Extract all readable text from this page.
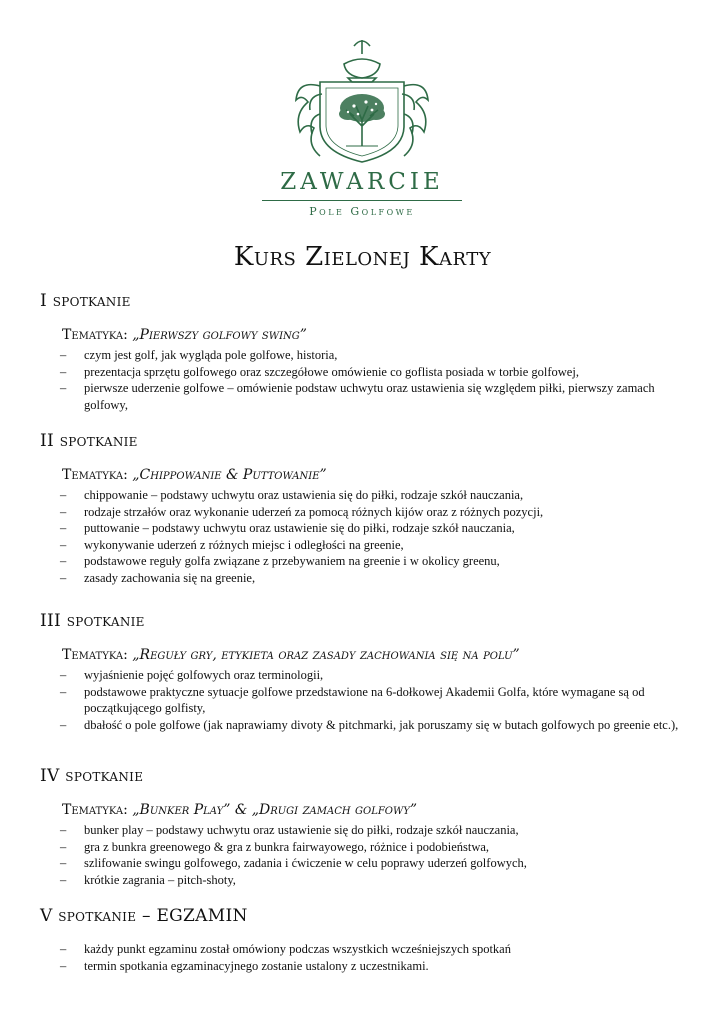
ZAWARCIE
Pole Golfowe
Kurs Zielonej Karty
I spotkanie
Tematyka: „Pierwszy golfowy swing”
– czym jest golf, jak wygląda pole golfowe, historia,
– prezentacja sprzętu golfowego oraz szczegółowe omówienie co goflista posiada w torbie golfowej,
– pierwsze uderzenie golfowe – omówienie podstaw uchwytu oraz ustawienia się względem piłki, pierwszy zamach golfowy,
II spotkanie
Tematyka: „Chippowanie & Puttowanie”
– chippowanie – podstawy uchwytu oraz ustawienia się do piłki, rodzaje szkół nauczania,
– rodzaje strzałów oraz wykonanie uderzeń za pomocą różnych kijów oraz z różnych pozycji,
– puttowanie – podstawy uchwytu oraz ustawienie się do piłki, rodzaje szkół nauczania,
– wykonywanie uderzeń z różnych miejsc i odległości na greenie,
– podstawowe reguły golfa związane z przebywaniem na greenie i w okolicy greenu,
– zasady zachowania się na greenie,
III spotkanie
Tematyka: „Reguły gry, etykieta oraz zasady zachowania się na polu”
– wyjaśnienie pojęć golfowych oraz terminologii,
– podstawowe praktyczne sytuacje golfowe przedstawione na 6-dołkowej Akademii Golfa, które wymagane są od początkującego golfisty,
– dbałość o pole golfowe (jak naprawiamy divoty & pitchmarki, jak poruszamy się w butach golfowych po greenie etc.),
IV spotkanie
Tematyka: „Bunker Play” & „Drugi zamach golfowy”
– bunker play – podstawy uchwytu oraz ustawienie się do piłki, rodzaje szkół nauczania,
– gra z bunkra greenowego & gra z bunkra fairwayowego, różnice i podobieństwa,
– szlifowanie swingu golfowego, zadania i ćwiczenie w celu poprawy uderzeń golfowych,
– krótkie zagrania – pitch-shoty,
V spotkanie – EGZAMIN
– każdy punkt egzaminu został omówiony podczas wszystkich wcześniejszych spotkań
– termin spotkania egzaminacyjnego zostanie ustalony z uczestnikami.
